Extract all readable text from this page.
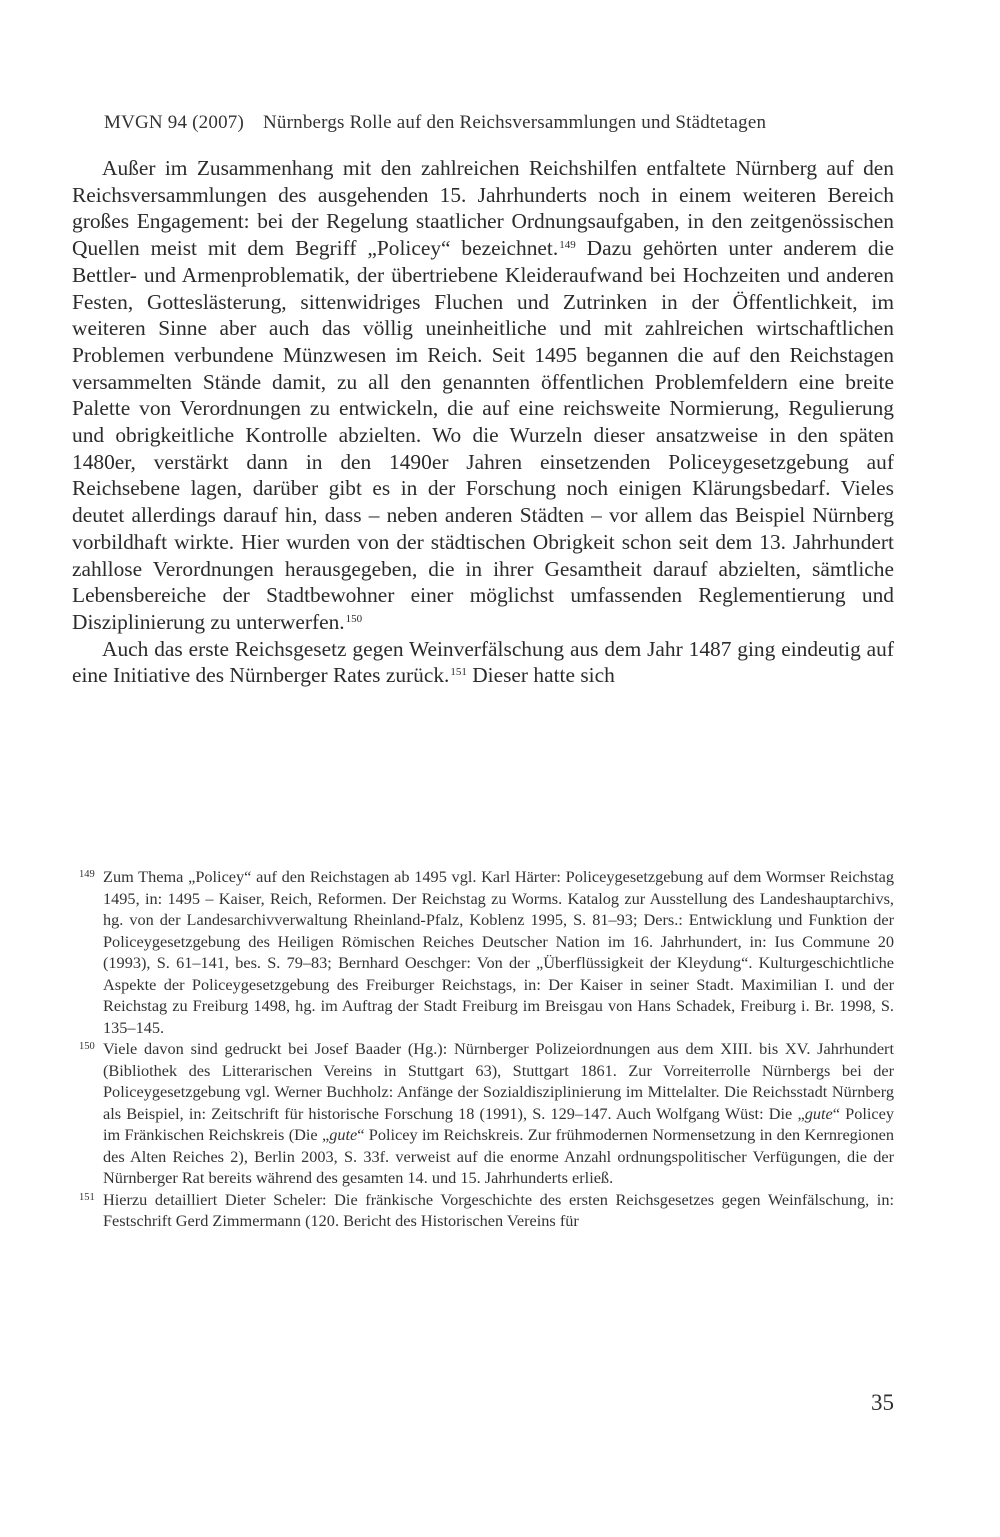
MVGN 94 (2007) Nürnbergs Rolle auf den Reichsversammlungen und Städtetagen

Außer im Zusammenhang mit den zahlreichen Reichshilfen entfaltete Nürnberg auf den Reichsversammlungen des ausgehenden 15. Jahrhunderts noch in einem weiteren Bereich großes Engagement: bei der Regelung staatlicher Ordnungsaufgaben, in den zeitgenössischen Quellen meist mit dem Begriff „Policey“ bezeichnet.$^{149}$ Dazu gehörten unter anderem die Bettler- und Armenproblematik, der übertriebene Kleideraufwand bei Hochzeiten und anderen Festen, Gotteslästerung, sittenwidriges Fluchen und Zutrinken in der Öffentlichkeit, im weiteren Sinne aber auch das völlig uneinheitliche und mit zahlreichen wirtschaftlichen Problemen verbundene Münzwesen im Reich. Seit 1495 begannen die auf den Reichstagen versammelten Stände damit, zu all den genannten öffentlichen Problemfeldern eine breite Palette von Verordnungen zu entwickeln, die auf eine reichsweite Normierung, Regulierung und obrigkeitliche Kontrolle abzielten. Wo die Wurzeln dieser ansatzweise in den späten 1480er, verstärkt dann in den 1490er Jahren einsetzenden Policeygesetzgebung auf Reichsebene lagen, darüber gibt es in der Forschung noch einigen Klärungsbedarf. Vieles deutet allerdings darauf hin, dass – neben anderen Städten – vor allem das Beispiel Nürnberg vorbildhaft wirkte. Hier wurden von der städtischen Obrigkeit schon seit dem 13. Jahrhundert zahllose Verordnungen herausgegeben, die in ihrer Gesamtheit darauf abzielten, sämtliche Lebensbereiche der Stadtbewohner einer möglichst umfassenden Reglementierung und Disziplinierung zu unterwerfen.$^{150}$

Auch das erste Reichsgesetz gegen Weinverfälschung aus dem Jahr 1487 ging eindeutig auf eine Initiative des Nürnberger Rates zurück.$^{151}$ Dieser hatte sich

149 Zum Thema „Policey“ auf den Reichstagen ab 1495 vgl. Karl Härter: Policeygesetzgebung auf dem Wormser Reichstag 1495, in: 1495 – Kaiser, Reich, Reformen. Der Reichstag zu Worms. Katalog zur Ausstellung des Landeshauptarchivs, hg. von der Landesarchivverwaltung Rheinland-Pfalz, Koblenz 1995, S. 81–93; Ders.: Entwicklung und Funktion der Policeygesetzgebung des Heiligen Römischen Reiches Deutscher Nation im 16. Jahrhundert, in: Ius Commune 20 (1993), S. 61–141, bes. S. 79–83; Bernhard Oeschger: Von der „Überflüssigkeit der Kleydung“. Kulturgeschichtliche Aspekte der Policeygesetzgebung des Freiburger Reichstags, in: Der Kaiser in seiner Stadt. Maximilian I. und der Reichstag zu Freiburg 1498, hg. im Auftrag der Stadt Freiburg im Breisgau von Hans Schadek, Freiburg i. Br. 1998, S. 135–145.
150 Viele davon sind gedruckt bei Josef Baader (Hg.): Nürnberger Polizeiordnungen aus dem XIII. bis XV. Jahrhundert (Bibliothek des Litterarischen Vereins in Stuttgart 63), Stuttgart 1861. Zur Vorreiterrolle Nürnbergs bei der Policeygesetzgebung vgl. Werner Buchholz: Anfänge der Sozialdisziplinierung im Mittelalter. Die Reichsstadt Nürnberg als Beispiel, in: Zeitschrift für historische Forschung 18 (1991), S. 129–147. Auch Wolfgang Wüst: Die „gute“ Policey im Fränkischen Reichskreis (Die „gute“ Policey im Reichskreis. Zur frühmodernen Normensetzung in den Kernregionen des Alten Reiches 2), Berlin 2003, S. 33f. verweist auf die enorme Anzahl ordnungspolitischer Verfügungen, die der Nürnberger Rat bereits während des gesamten 14. und 15. Jahrhunderts erließ.
151 Hierzu detailliert Dieter Scheler: Die fränkische Vorgeschichte des ersten Reichsgesetzes gegen Weinfälschung, in: Festschrift Gerd Zimmermann (120. Bericht des Historischen Vereins für
35
